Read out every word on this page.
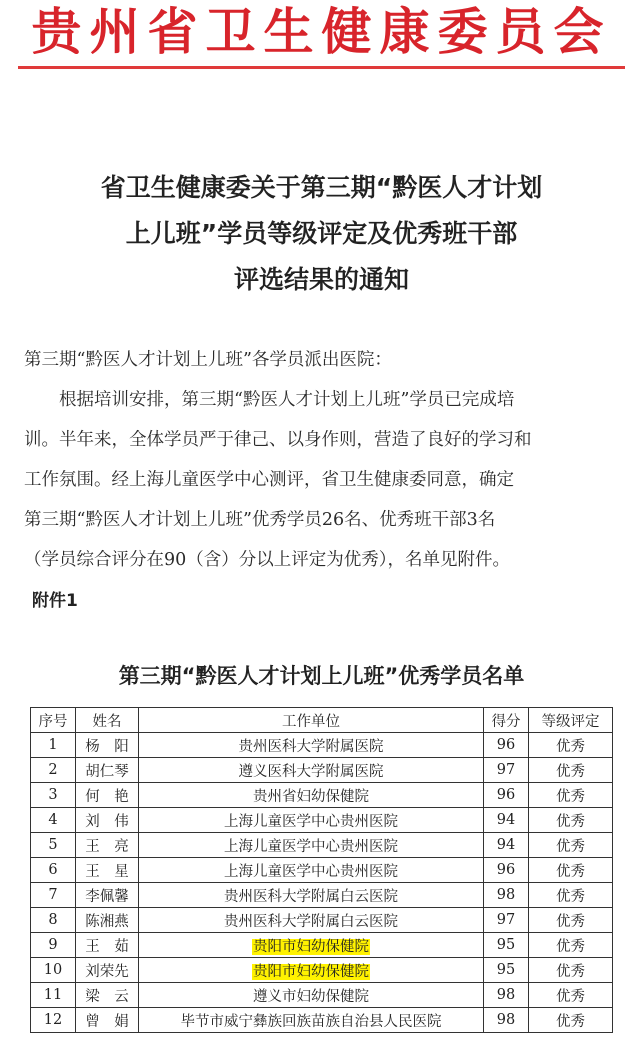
贵州省卫生健康委员会
省卫生健康委关于第三期“黔医人才计划
上儿班”学员等级评定及优秀班干部
评选结果的通知
第三期“黔医人才计划上儿班”各学员派出医院：
　　根据培训安排，第三期“黔医人才计划上儿班”学员已完成培
训。半年来，全体学员严于律己、以身作则，营造了良好的学习和
工作氛围。经上海儿童医学中心测评，省卫生健康委同意，确定
第三期“黔医人才计划上儿班”优秀学员26名、优秀班干部3名
（学员综合评分在90（含）分以上评定为优秀），名单见附件。
附件1
第三期“黔医人才计划上儿班”优秀学员名单
序号	姓名	工作单位	得分	等级评定
1	杨　阳	贵州医科大学附属医院	96	优秀
2	胡仁琴	遵义医科大学附属医院	97	优秀
3	何　艳	贵州省妇幼保健院	96	优秀
4	刘　伟	上海儿童医学中心贵州医院	94	优秀
5	王　亮	上海儿童医学中心贵州医院	94	优秀
6	王　星	上海儿童医学中心贵州医院	96	优秀
7	李佩馨	贵州医科大学附属白云医院	98	优秀
8	陈湘燕	贵州医科大学附属白云医院	97	优秀
9	王　茹	贵阳市妇幼保健院	95	优秀
10	刘荣先	贵阳市妇幼保健院	95	优秀
11	梁　云	遵义市妇幼保健院	98	优秀
12	曾　娟	毕节市威宁彝族回族苗族自治县人民医院	98	优秀
